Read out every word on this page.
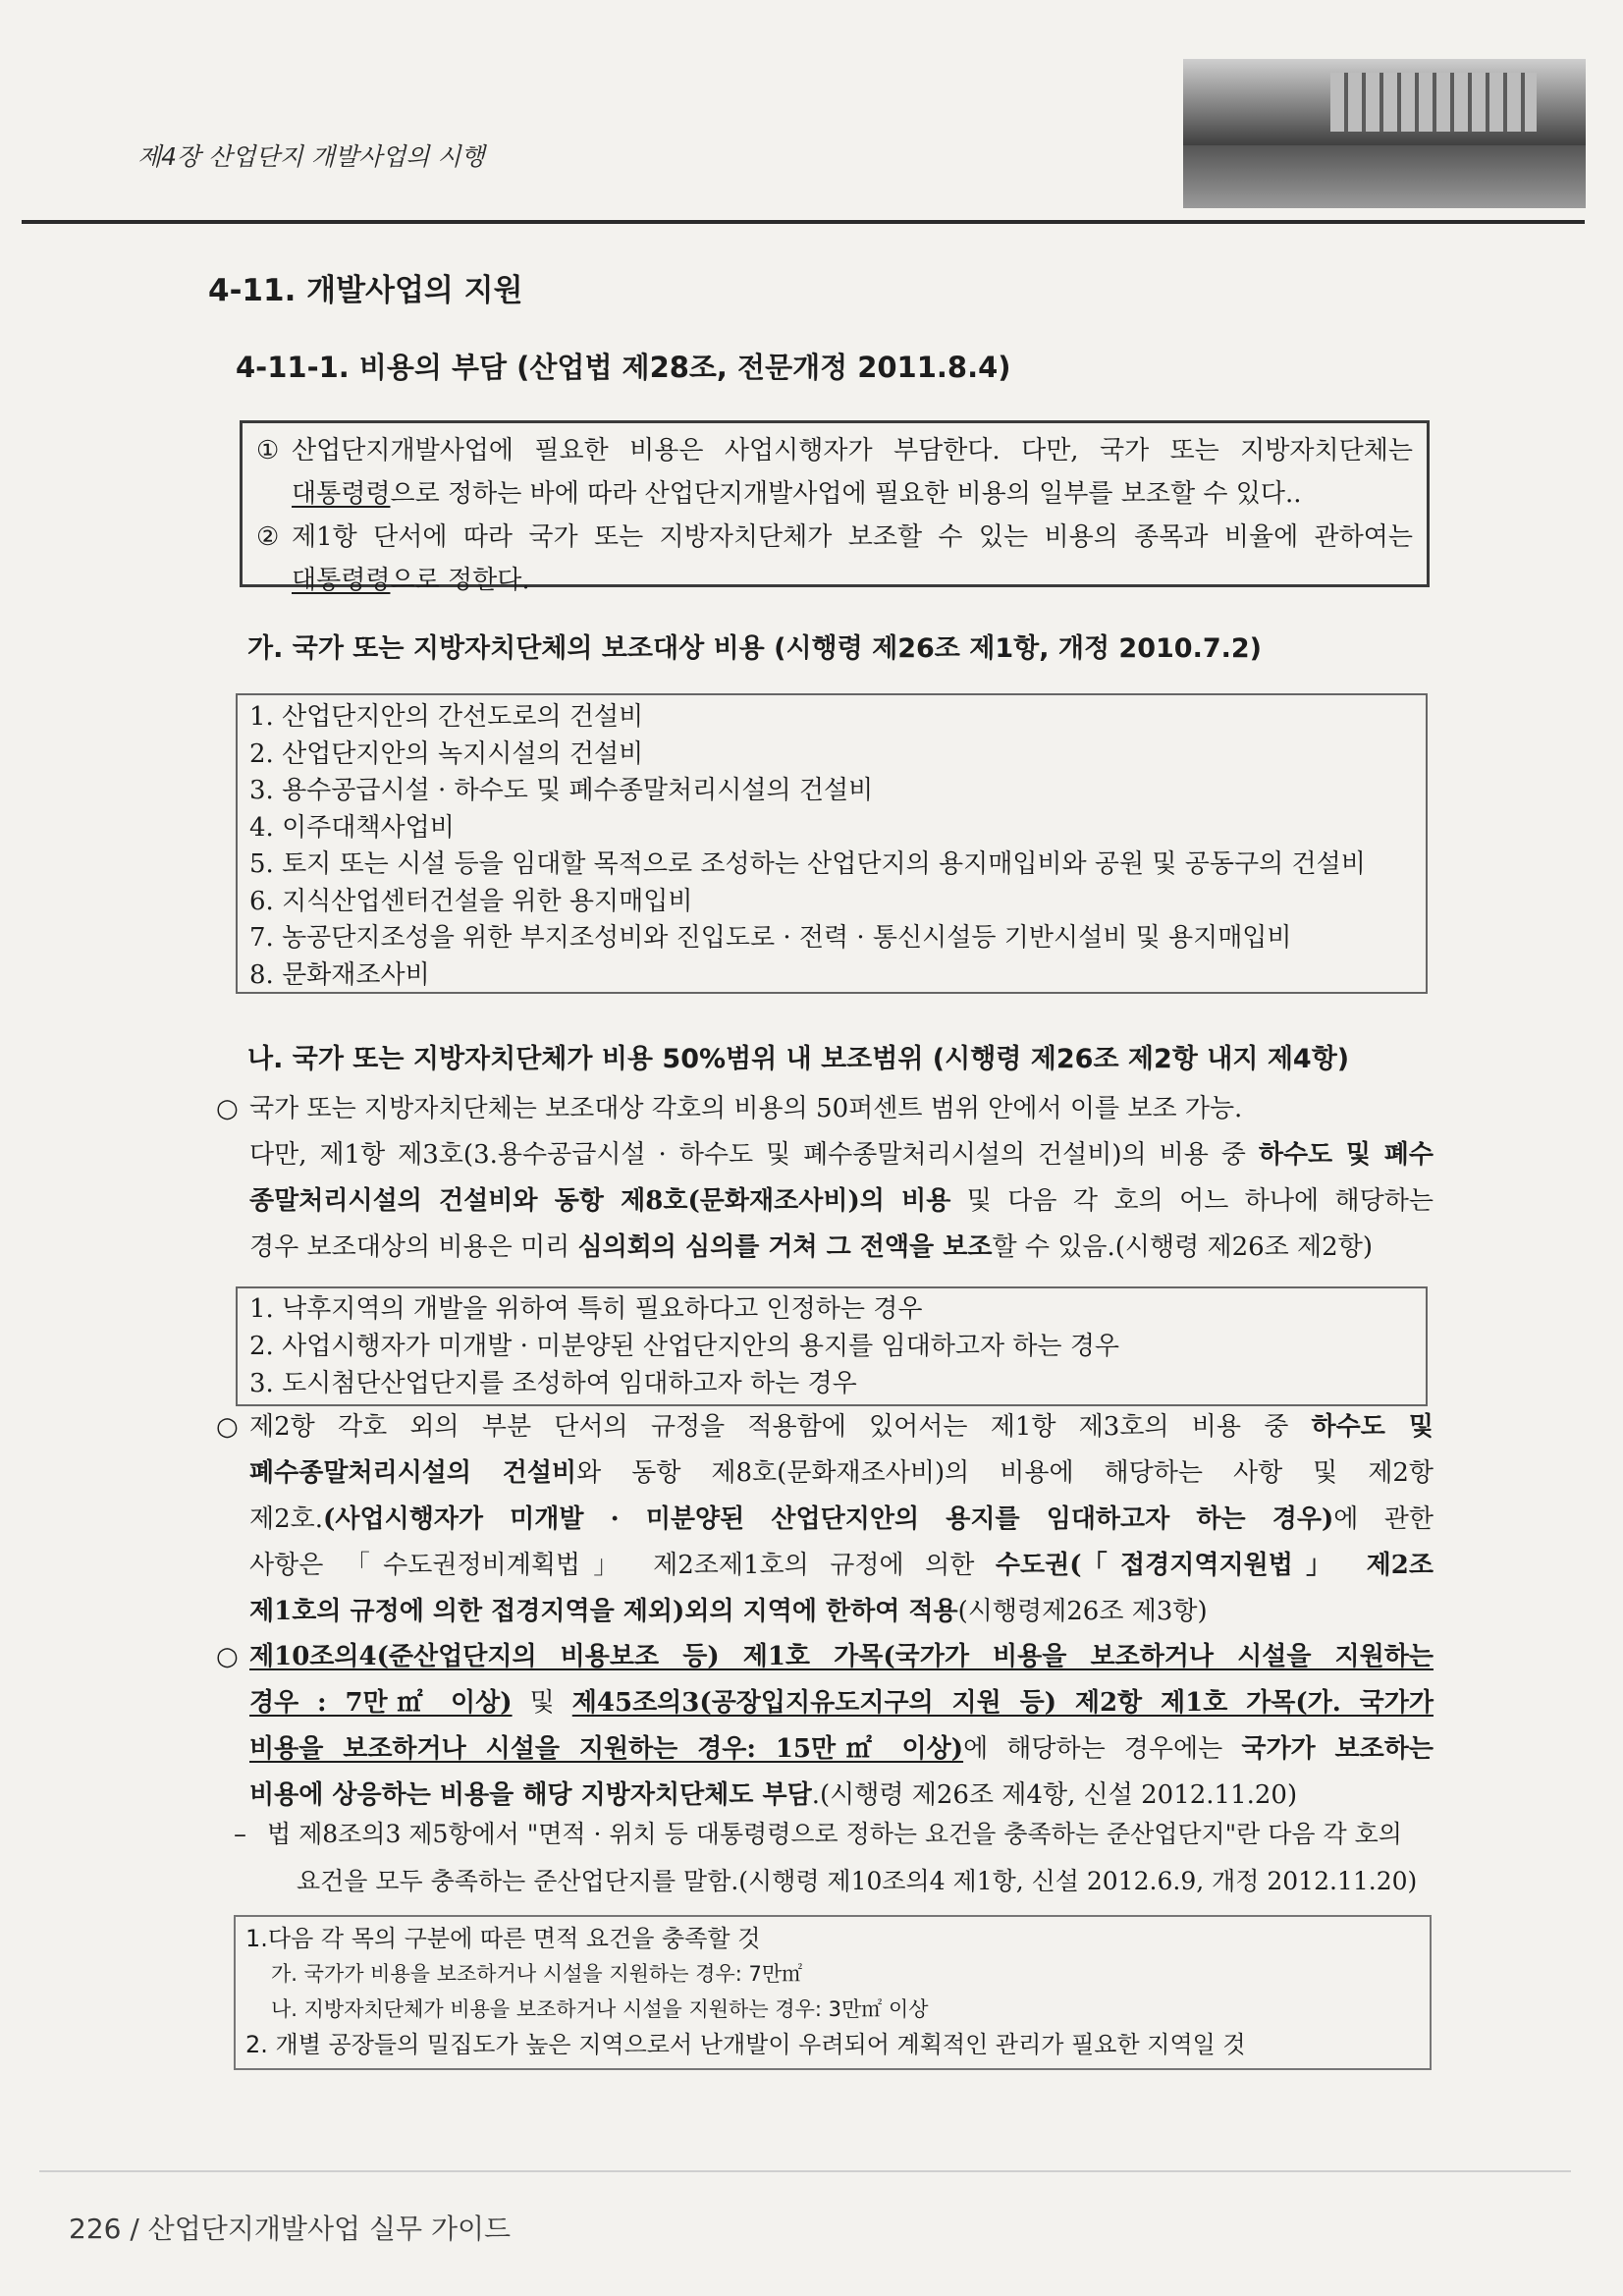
제4장 산업단지 개발사업의 시행
4-11. 개발사업의 지원
4-11-1. 비용의 부담 (산업법 제28조, 전문개정 2011.8.4)
① 산업단지개발사업에 필요한 비용은 사업시행자가 부담한다. 다만, 국가 또는 지방자치단체는
대통령령으로 정하는 바에 따라 산업단지개발사업에 필요한 비용의 일부를 보조할 수 있다..
② 제1항 단서에 따라 국가 또는 지방자치단체가 보조할 수 있는 비용의 종목과 비율에 관하여는
대통령령으로 정한다.
가. 국가 또는 지방자치단체의 보조대상 비용 (시행령 제26조 제1항, 개정 2010.7.2)
1. 산업단지안의 간선도로의 건설비
2. 산업단지안의 녹지시설의 건설비
3. 용수공급시설 · 하수도 및 폐수종말처리시설의 건설비
4. 이주대책사업비
5. 토지 또는 시설 등을 임대할 목적으로 조성하는 산업단지의 용지매입비와 공원 및 공동구의 건설비
6. 지식산업센터건설을 위한 용지매입비
7. 농공단지조성을 위한 부지조성비와 진입도로 · 전력 · 통신시설등 기반시설비 및 용지매입비
8. 문화재조사비
나. 국가 또는 지방자치단체가 비용 50%범위 내 보조범위 (시행령 제26조 제2항 내지 제4항)
○ 국가 또는 지방자치단체는 보조대상 각호의 비용의 50퍼센트 범위 안에서 이를 보조 가능.
다만, 제1항 제3호(3.용수공급시설 · 하수도 및 폐수종말처리시설의 건설비)의 비용 중 하수도 및 폐수
종말처리시설의 건설비와 동항 제8호(문화재조사비)의 비용 및 다음 각 호의 어느 하나에 해당하는
경우 보조대상의 비용은 미리 심의회의 심의를 거쳐 그 전액을 보조할 수 있음.(시행령 제26조 제2항)
1. 낙후지역의 개발을 위하여 특히 필요하다고 인정하는 경우
2. 사업시행자가 미개발 · 미분양된 산업단지안의 용지를 임대하고자 하는 경우
3. 도시첨단산업단지를 조성하여 임대하고자 하는 경우
○ 제2항 각호 외의 부분 단서의 규정을 적용함에 있어서는 제1항 제3호의 비용 중 하수도 및
폐수종말처리시설의 건설비와 동항 제8호(문화재조사비)의 비용에 해당하는 사항 및 제2항
제2호.(사업시행자가 미개발 · 미분양된 산업단지안의 용지를 임대하고자 하는 경우)에 관한
사항은 「수도권정비계획법」 제2조제1호의 규정에 의한 수도권(「접경지역지원법」 제2조
제1호의 규정에 의한 접경지역을 제외)외의 지역에 한하여 적용(시행령제26조 제3항)
○ 제10조의4(준산업단지의 비용보조 등) 제1호 가목(국가가 비용을 보조하거나 시설을 지원하는
경우 : 7만㎡ 이상) 및 제45조의3(공장입지유도지구의 지원 등) 제2항 제1호 가목(가. 국가가
비용을 보조하거나 시설을 지원하는 경우: 15만㎡ 이상)에 해당하는 경우에는 국가가 보조하는
비용에 상응하는 비용을 해당 지방자치단체도 부담.(시행령 제26조 제4항, 신설 2012.11.20)
– 법 제8조의3 제5항에서 "면적 · 위치 등 대통령령으로 정하는 요건을 충족하는 준산업단지"란 다음 각 호의
요건을 모두 충족하는 준산업단지를 말함.(시행령 제10조의4 제1항, 신설 2012.6.9, 개정 2012.11.20)
1.다음 각 목의 구분에 따른 면적 요건을 충족할 것
가. 국가가 비용을 보조하거나 시설을 지원하는 경우: 7만㎡
나. 지방자치단체가 비용을 보조하거나 시설을 지원하는 경우: 3만㎡ 이상
2. 개별 공장들의 밀집도가 높은 지역으로서 난개발이 우려되어 계획적인 관리가 필요한 지역일 것
226 / 산업단지개발사업 실무 가이드
